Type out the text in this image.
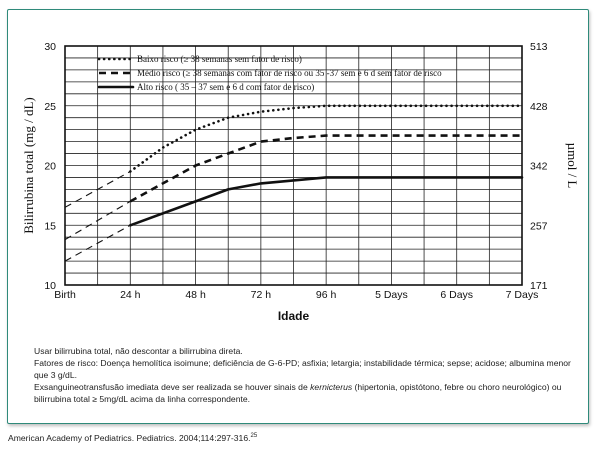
Birth	24 h	48 h	72 h	96 h	5 Days	6 Days	7 Days
10
15
20
25
30
171
257
342
428
513
Baixo risco (≥ 38 semanas sem fator de risco)
Médio risco (≥ 38 semanas com fator de risco ou 35 -37 sem e 6 d sem fator de risco
Alto risco ( 35 – 37 sem e 6 d com fator de risco)
Idade
Bilirrubina total (mg / dL)	µmol / L

Usar bilirrubina total, não descontar a bilirrubina direta.

Fatores de risco: Doença hemolítica isoimune; deficiência de G-6-PD; asfixia; letargia; instabilidade térmica; sepse; acidose; albumina menor que 3 g/dL.

Exsanguineotransfusão imediata deve ser realizada se houver sinais de kernicterus (hipertonia, opistótono, febre ou choro neurológico) ou bilirrubina total ≥ 5mg/dL acima da linha correspondente.

American Academy of Pediatrics. Pediatrics. 2004;114:297-316.25
